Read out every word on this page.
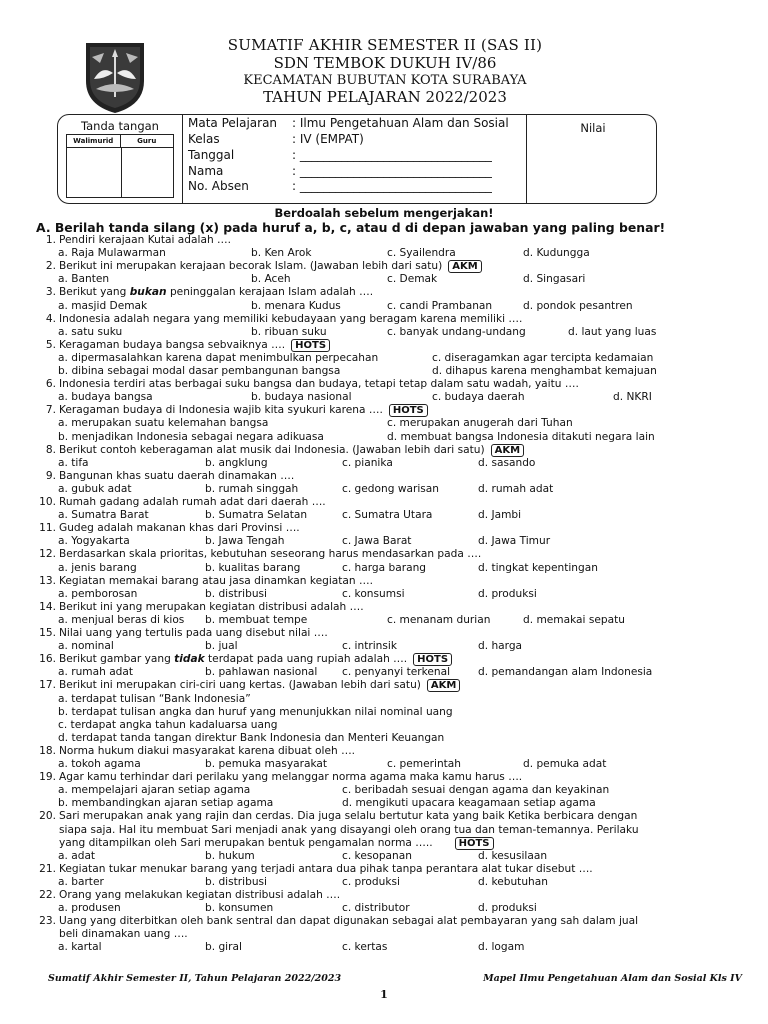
SUMATIF AKHIR SEMESTER II (SAS II)
SDN TEMBOK DUKUH IV/86
KECAMATAN BUBUTAN KOTA SURABAYA
TAHUN PELAJARAN 2022/2023
Tanda tangan
Walimurid	Guru
Mata Pelajaran : Ilmu Pengetahuan Alam dan Sosial
Kelas	: IV (EMPAT)
Tanggal	: ________________________________
Nama	: ________________________________
No. Absen	: ________________________________
Nilai
Berdoalah sebelum mengerjakan!
A. Berilah tanda silang (x) pada huruf a, b, c, atau d di depan jawaban yang paling benar!
1. Pendiri kerajaan Kutai adalah ….
a. Raja Mulawarman	b. Ken Arok	c. Syailendra	d. Kudungga
2. Berikut ini merupakan kerajaan becorak Islam. (Jawaban lebih dari satu) AKM
a. Banten	b. Aceh	c. Demak	d. Singasari
3. Berikut yang bukan peninggalan kerajaan Islam adalah ….
a. masjid Demak	b. menara Kudus	c. candi Prambanan	d. pondok pesantren
4. Indonesia adalah negara yang memiliki kebudayaan yang beragam karena memiliki ….
a. satu suku	b. ribuan suku	c. banyak undang-undang	d. laut yang luas
5. Keragaman budaya bangsa sebvaiknya …. HOTS
a. dipermasalahkan karena dapat menimbulkan perpecahan	c. diseragamkan agar tercipta kedamaian
b. dibina sebagai modal dasar pembangunan bangsa	d. dihapus karena menghambat kemajuan
6. Indonesia terdiri atas berbagai suku bangsa dan budaya, tetapi tetap dalam satu wadah, yaitu ….
a. budaya bangsa	b. budaya nasional	c. budaya daerah	d. NKRI
7. Keragaman budaya di Indonesia wajib kita syukuri karena …. HOTS
a. merupakan suatu kelemahan bangsa	c. merupakan anugerah dari Tuhan
b. menjadikan Indonesia sebagai negara adikuasa	d. membuat bangsa Indonesia ditakuti negara lain
8. Berikut contoh keberagaman alat musik dai Indonesia. (Jawaban lebih dari satu) AKM
a. tifa	b. angklung	c. pianika	d. sasando
9. Bangunan khas suatu daerah dinamakan ….
a. gubuk adat	b. rumah singgah	c. gedong warisan	d. rumah adat
10. Rumah gadang adalah rumah adat dari daerah ….
a. Sumatra Barat	b. Sumatra Selatan	c. Sumatra Utara	d. Jambi
11. Gudeg adalah makanan khas dari Provinsi ….
a. Yogyakarta	b. Jawa Tengah	c. Jawa Barat	d. Jawa Timur
12. Berdasarkan skala prioritas, kebutuhan seseorang harus mendasarkan pada ….
a. jenis barang	b. kualitas barang	c. harga barang	d. tingkat kepentingan
13. Kegiatan memakai barang atau jasa dinamkan kegiatan ….
a. pemborosan	b. distribusi	c. konsumsi	d. produksi
14. Berikut ini yang merupakan kegiatan distribusi adalah ….
a. menjual beras di kios b. membuat tempe	c. menanam durian	d. memakai sepatu
15. Nilai uang yang tertulis pada uang disebut nilai ….
a. nominal	b. jual	c. intrinsik	d. harga
16. Berikut gambar yang tidak terdapat pada uang rupiah adalah …. HOTS
a. rumah adat	b. pahlawan nasional c. penyanyi terkenal	d. pemandangan alam Indonesia
17. Berikut ini merupakan ciri-ciri uang kertas. (Jawaban lebih dari satu) AKM
a. terdapat tulisan “Bank Indonesia”
b. terdapat tulisan angka dan huruf yang menunjukkan nilai nominal uang
c. terdapat angka tahun kadaluarsa uang
d. terdapat tanda tangan direktur Bank Indonesia dan Menteri Keuangan
18. Norma hukum diakui masyarakat karena dibuat oleh ….
a. tokoh agama	b. pemuka masyarakat	c. pemerintah	d. pemuka adat
19. Agar kamu terhindar dari perilaku yang melanggar norma agama maka kamu harus ….
a. mempelajari ajaran setiap agama	c. beribadah sesuai dengan agama dan keyakinan
b. membandingkan ajaran setiap agama	d. mengikuti upacara keagamaan setiap agama
20. Sari merupakan anak yang rajin dan cerdas. Dia juga selalu bertutur kata yang baik Ketika berbicara dengan
siapa saja. Hal itu membuat Sari menjadi anak yang disayangi oleh orang tua dan teman-temannya. Perilaku
yang ditampilkan oleh Sari merupakan bentuk pengamalan norma …..	HOTS
a. adat	b. hukum	c. kesopanan	d. kesusilaan
21. Kegiatan tukar menukar barang yang terjadi antara dua pihak tanpa perantara alat tukar disebut ….
a. barter	b. distribusi	c. produksi	d. kebutuhan
22. Orang yang melakukan kegiatan distribusi adalah ….
a. produsen	b. konsumen	c. distributor	d. produksi
23. Uang yang diterbitkan oleh bank sentral dan dapat digunakan sebagai alat pembayaran yang sah dalam jual
beli dinamakan uang ….
a. kartal	b. giral	c. kertas	d. logam
Sumatif Akhir Semester II, Tahun Pelajaran 2022/2023	Mapel Ilmu Pengetahuan Alam dan Sosial Kls IV
1
